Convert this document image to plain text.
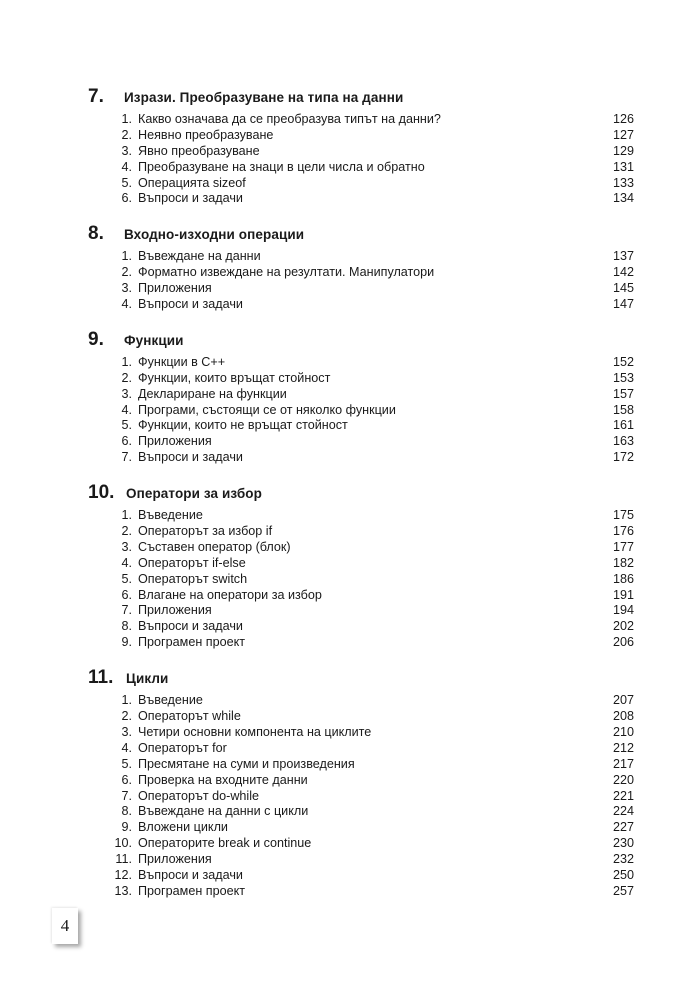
7.	Изрази. Преобразуване на типа на данни
1. Какво означава да се преобразува типът на данни?	126
2. Неявно преобразуване	127
3. Явно преобразуване	129
4. Преобразуване на знаци в цели числа и обратно	131
5. Операцията sizeof	133
6. Въпроси и задачи	134
8.	Входно-изходни операции
1. Въвеждане на данни	137
2. Форматно извеждане на резултати. Манипулатори	142
3. Приложения	145
4. Въпроси и задачи	147
9.	Функции
1. Функции в C++	152
2. Функции, които връщат стойност	153
3. Деклариране на функции	157
4. Програми, състоящи се от няколко функции	158
5. Функции, които не връщат стойност	161
6. Приложения	163
7. Въпроси и задачи	172
10. Оператори за избор
1. Въведение	175
2. Операторът за избор if	176
3. Съставен оператор (блок)	177
4. Операторът if-else	182
5. Операторът switch	186
6. Влагане на оператори за избор	191
7. Приложения	194
8. Въпроси и задачи	202
9. Програмен проект	206
11. Цикли
1. Въведение	207
2. Операторът while	208
3. Четири основни компонента на циклите	210
4. Операторът for	212
5. Пресмятане на суми и произведения	217
6. Проверка на входните данни	220
7. Операторът do-while	221
8. Въвеждане на данни с цикли	224
9. Вложени цикли	227
10. Операторите break и continue	230
11. Приложения	232
12. Въпроси и задачи	250
13. Програмен проект	257
4
